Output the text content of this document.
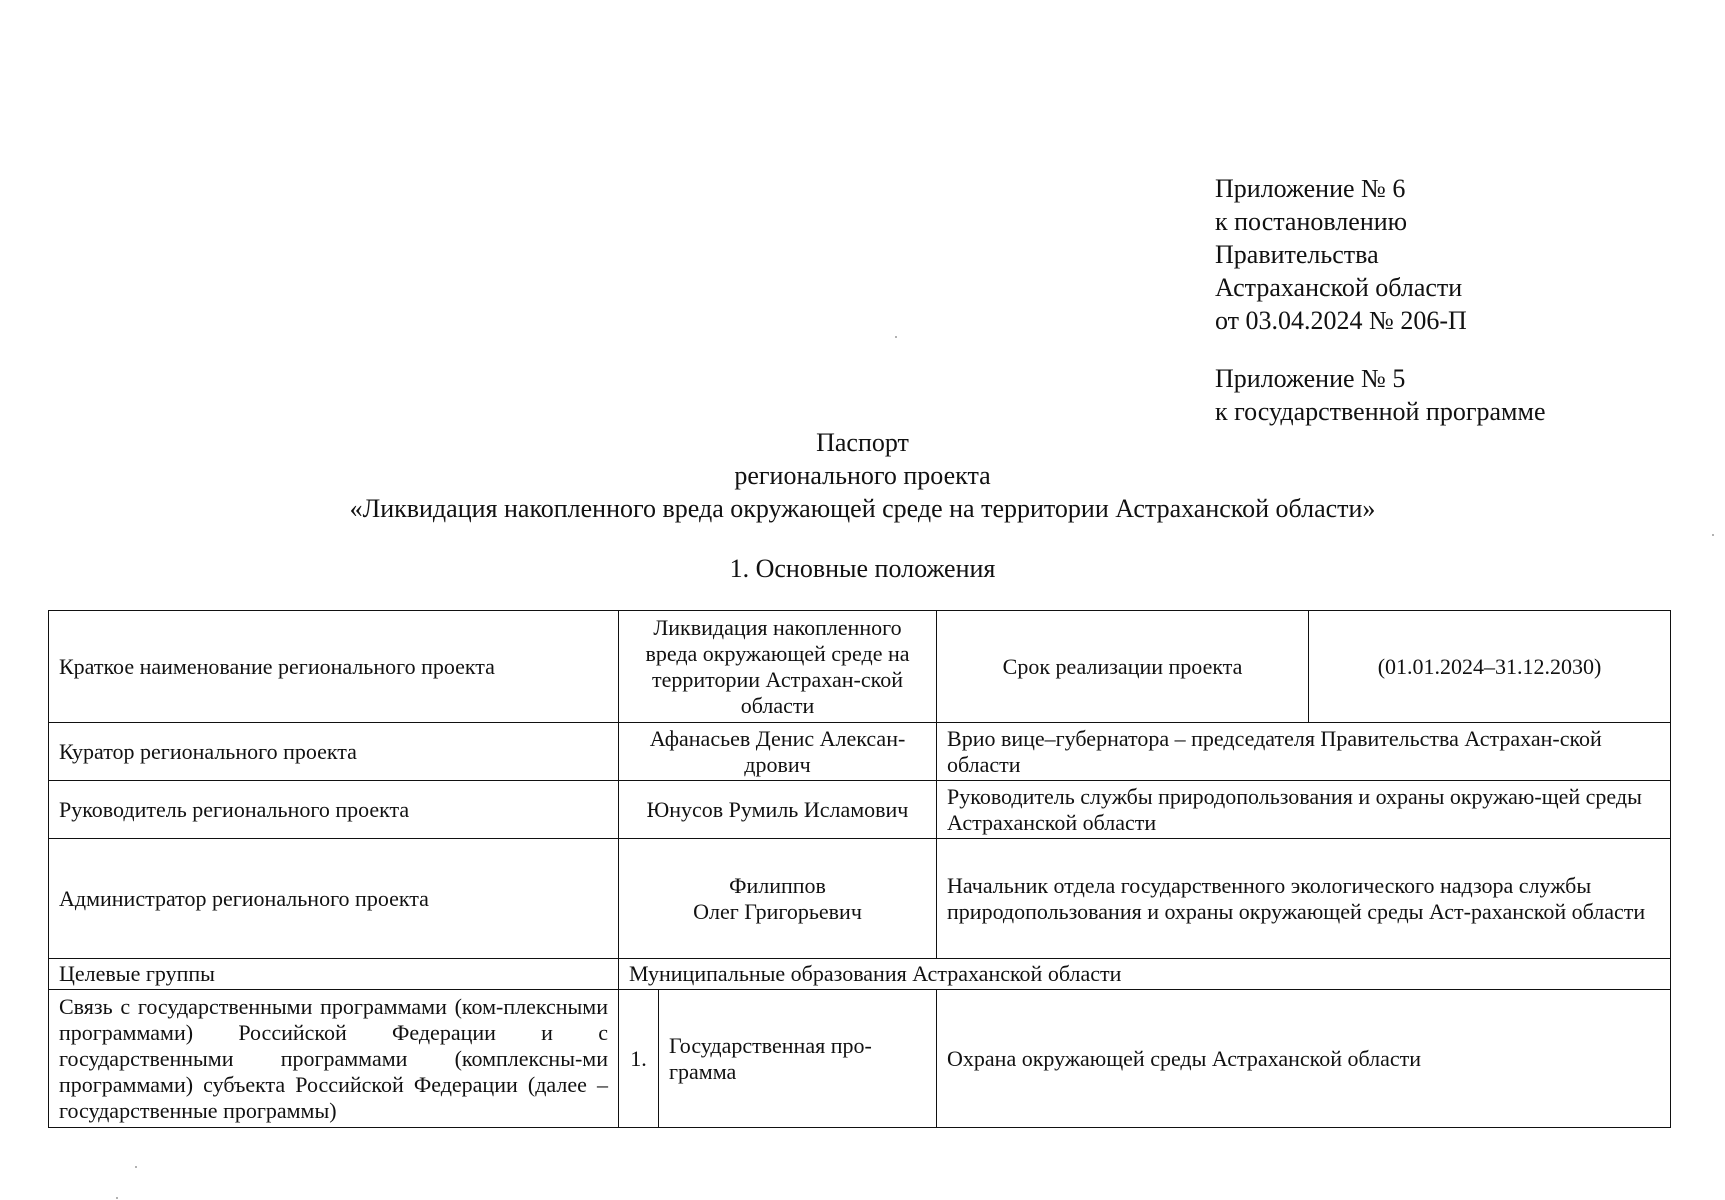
Приложение № 6
к постановлению
Правительства
Астраханской области
от 03.04.2024 № 206-П
Приложение № 5
к государственной программе
Паспорт
регионального проекта
«Ликвидация накопленного вреда окружающей среде на территории Астраханской области»
1. Основные положения
Краткое наименование регионального проекта	Ликвидация накопленного вреда окружающей среде на территории Астрахан-ской области		Срок реализации проекта	(01.01.2024–31.12.2030)
Куратор регионального проекта	Афанасьев Денис Алексан-дрович		Врио вице–губернатора – председателя Правительства Астрахан-ской области	
Руководитель регионального проекта	Юнусов Румиль Исламович		Руководитель службы природопользования и охраны окружаю-щей среды Астраханской области	
Администратор регионального проекта	Филиппов
Олег Григорьевич		Начальник отдела государственного экологического надзора службы природопользования и охраны окружающей среды Аст-раханской области	
Целевые группы	Муниципальные образования Астраханской области			
Связь с государственными программами (ком-плексными программами) Российской Федерации и с государственными программами (комплексны-ми программами) субъекта Российской Федерации (далее – государственные программы)	1.	Государственная про-грамма	Охрана окружающей среды Астраханской области	
